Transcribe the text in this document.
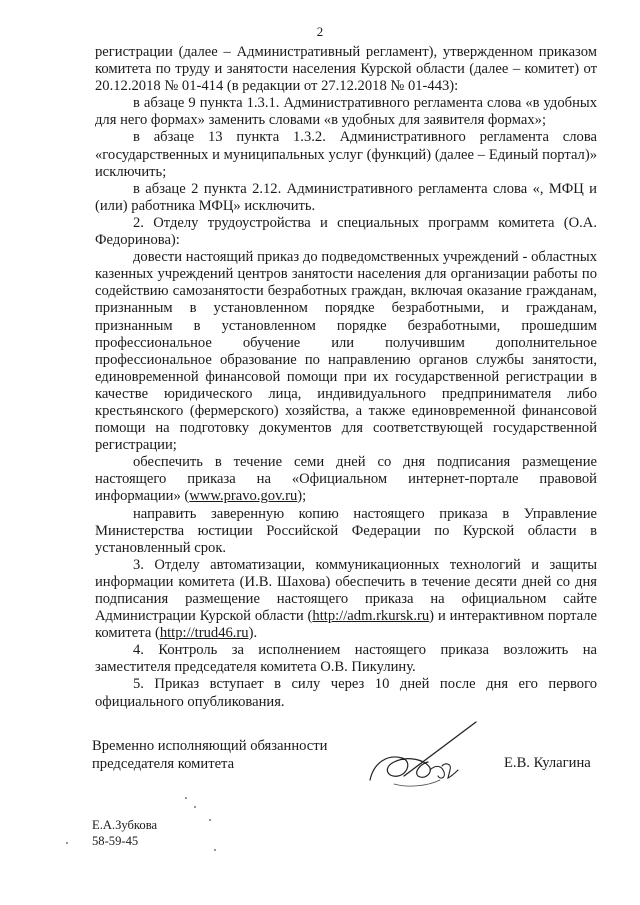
2

регистрации (далее – Административный регламент), утвержденном приказом комитета по труду и занятости населения Курской области (далее – комитет) от 20.12.2018 № 01-414 (в редакции от 27.12.2018 № 01-443):

в абзаце 9 пункта 1.3.1. Административного регламента слова «в удобных для него формах» заменить словами «в удобных для заявителя формах»;

в абзаце 13 пункта 1.3.2. Административного регламента слова «государственных и муниципальных услуг (функций) (далее – Единый портал)» исключить;

в абзаце 2 пункта 2.12. Административного регламента слова «, МФЦ и (или) работника МФЦ» исключить.

2. Отделу трудоустройства и специальных программ комитета (О.А. Федоринова):

довести настоящий приказ до подведомственных учреждений - областных казенных учреждений центров занятости населения для организации работы по содействию самозанятости безработных граждан, включая оказание гражданам, признанным в установленном порядке безработными, и гражданам, признанным в установленном порядке безработными, прошедшим профессиональное обучение или получившим дополнительное профессиональное образование по направлению органов службы занятости, единовременной финансовой помощи при их государственной регистрации в качестве юридического лица, индивидуального предпринимателя либо крестьянского (фермерского) хозяйства, а также единовременной финансовой помощи на подготовку документов для соответствующей государственной регистрации;

обеспечить в течение семи дней со дня подписания размещение настоящего приказа на «Официальном интернет-портале правовой информации» (www.pravo.gov.ru);

направить заверенную копию настоящего приказа в Управление Министерства юстиции Российской Федерации по Курской области в установленный срок.

3. Отделу автоматизации, коммуникационных технологий и защиты информации комитета (И.В. Шахова) обеспечить в течение десяти дней со дня подписания размещение настоящего приказа на официальном сайте Администрации Курской области (http://adm.rkursk.ru) и интерактивном портале комитета (http://trud46.ru).

4. Контроль за исполнением настоящего приказа возложить на заместителя председателя комитета О.В. Пикулину.

5. Приказ вступает в силу через 10 дней после дня его первого официального опубликования.

Временно исполняющий обязанности
председателя комитета	Е.В. Кулагина
Е.А.Зубкова
58-59-45
